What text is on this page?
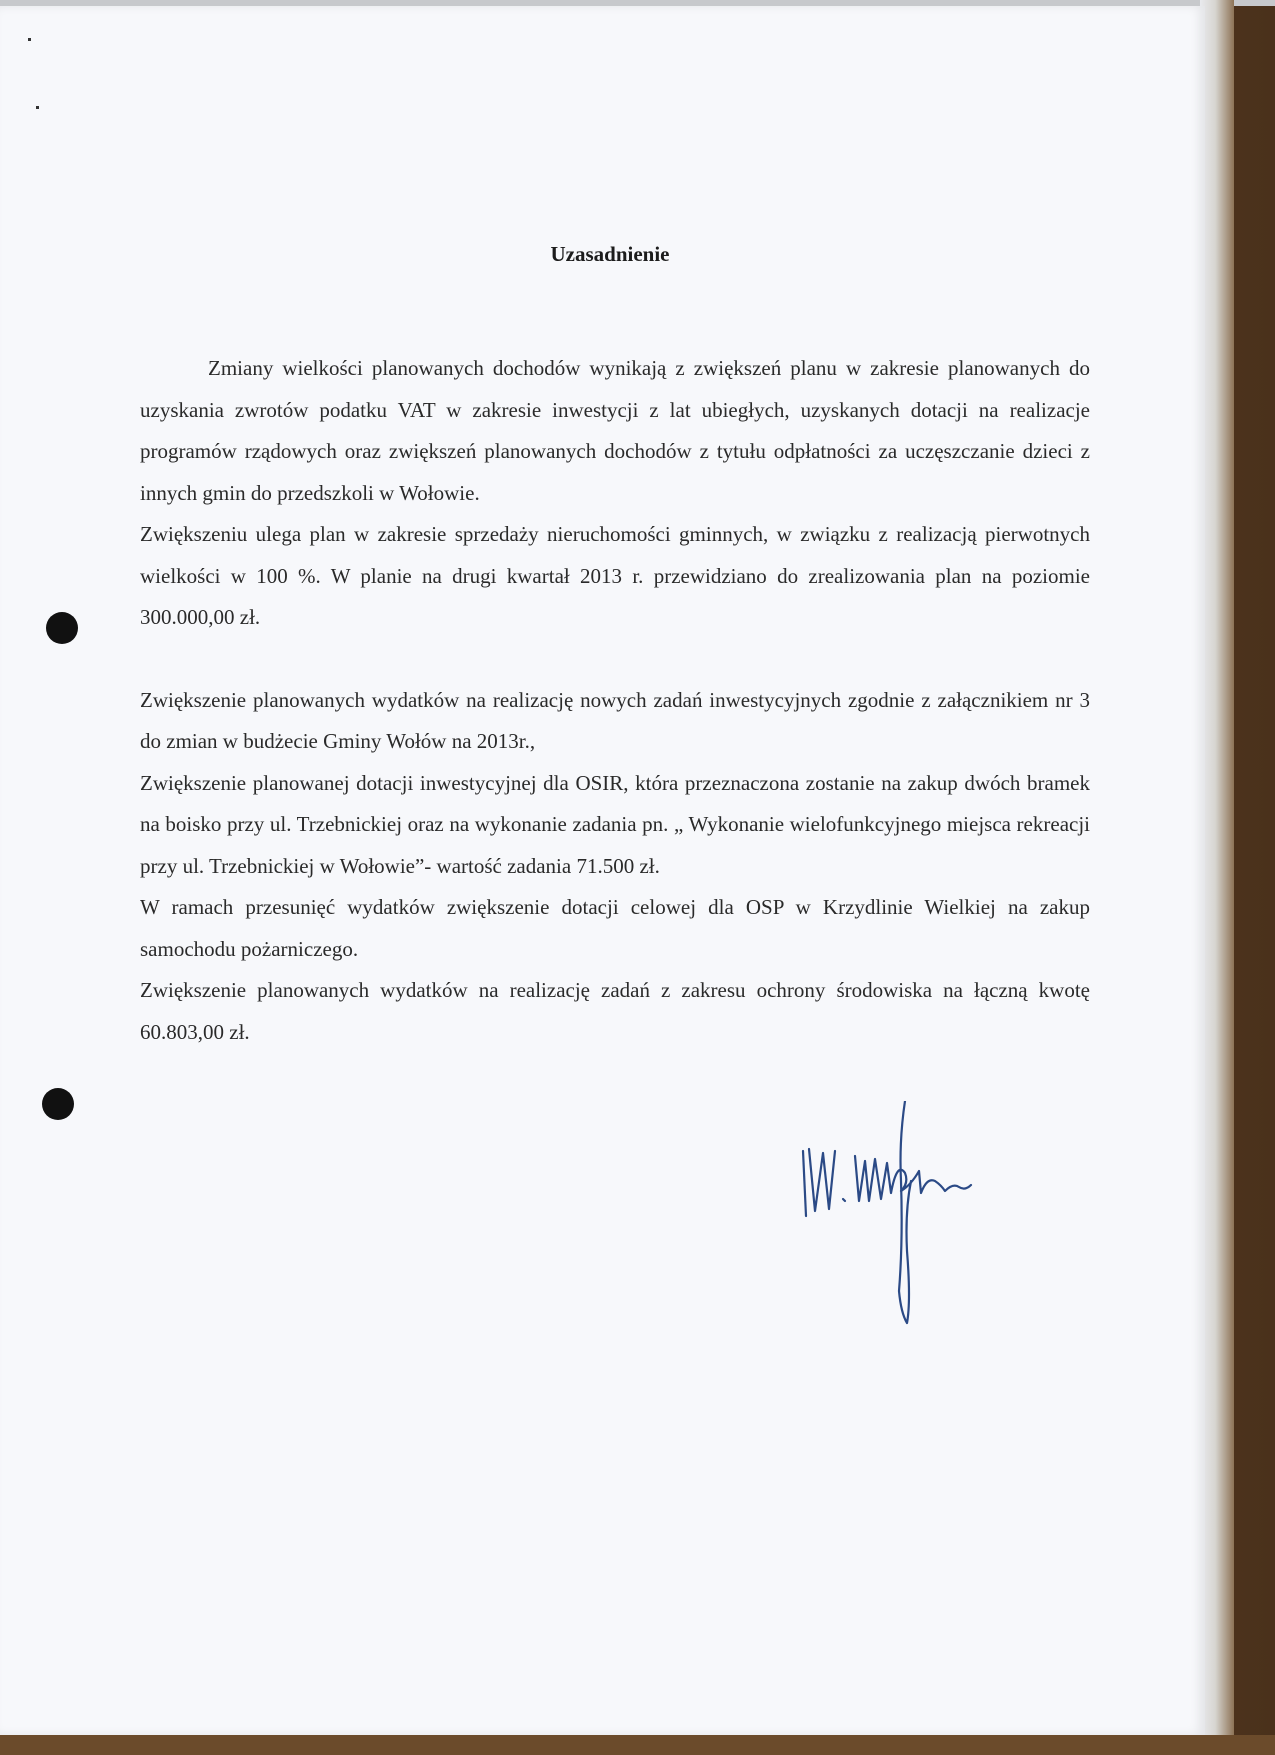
Uzasadnienie

Zmiany wielkości planowanych dochodów wynikają z zwiększeń planu w zakresie planowanych do uzyskania zwrotów podatku VAT w zakresie inwestycji z lat ubiegłych, uzyskanych dotacji na realizacje programów rządowych oraz zwiększeń planowanych dochodów z tytułu odpłatności za uczęszczanie dzieci z innych gmin do przedszkoli w Wołowie.

Zwiększeniu ulega plan w zakresie sprzedaży nieruchomości gminnych, w związku z realizacją pierwotnych wielkości w 100 %. W planie na drugi kwartał 2013 r. przewidziano do zrealizowania plan na poziomie 300.000,00 zł.

Zwiększenie planowanych wydatków na realizację nowych zadań inwestycyjnych zgodnie z załącznikiem nr 3 do zmian w budżecie Gminy Wołów na 2013r.,

Zwiększenie planowanej dotacji inwestycyjnej dla OSIR, która przeznaczona zostanie na zakup dwóch bramek na boisko przy ul. Trzebnickiej oraz na wykonanie zadania pn. „ Wykonanie wielofunkcyjnego miejsca rekreacji przy ul. Trzebnickiej w Wołowie”- wartość zadania 71.500 zł.

W ramach przesunięć wydatków zwiększenie dotacji celowej dla OSP w Krzydlinie Wielkiej na zakup samochodu pożarniczego.

Zwiększenie planowanych wydatków na realizację zadań z zakresu ochrony środowiska na łączną kwotę 60.803,00 zł.
